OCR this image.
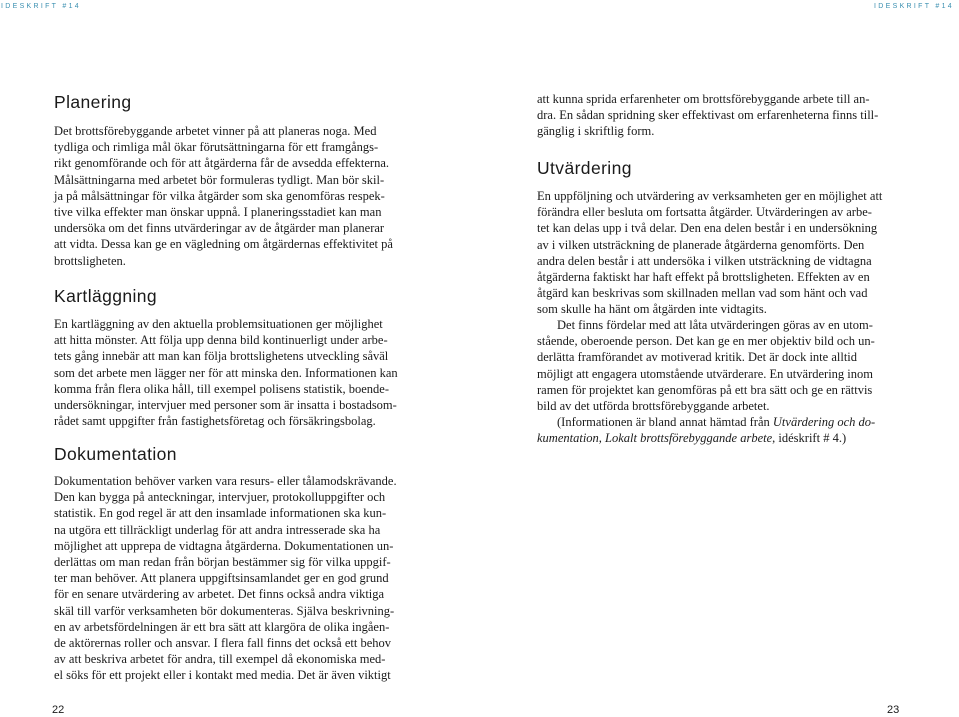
IDESKRIFT #14	IDESKRIFT #14
Planering
Det brottsförebyggande arbetet vinner på att planeras noga. Med
tydliga och rimliga mål ökar förutsättningarna för ett framgångs-
rikt genomförande och för att åtgärderna får de avsedda effekterna.
Målsättningarna med arbetet bör formuleras tydligt. Man bör skil-
ja på målsättningar för vilka åtgärder som ska genomföras respek-
tive vilka effekter man önskar uppnå. I planeringsstadiet kan man
undersöka om det finns utvärderingar av de åtgärder man planerar
att vidta. Dessa kan ge en vägledning om åtgärdernas effektivitet på
brottsligheten.
Kartläggning
En kartläggning av den aktuella problemsituationen ger möjlighet
att hitta mönster. Att följa upp denna bild kontinuerligt under arbe-
tets gång innebär att man kan följa brottslighetens utveckling såväl
som det arbete men lägger ner för att minska den. Informationen kan
komma från flera olika håll, till exempel polisens statistik, boende-
undersökningar, intervjuer med personer som är insatta i bostadsom-
rådet samt uppgifter från fastighetsföretag och försäkringsbolag.
Dokumentation
Dokumentation behöver varken vara resurs- eller tålamodskrävande.
Den kan bygga på anteckningar, intervjuer, protokolluppgifter och
statistik. En god regel är att den insamlade informationen ska kun-
na utgöra ett tillräckligt underlag för att andra intresserade ska ha
möjlighet att upprepa de vidtagna åtgärderna. Dokumentationen un-
derlättas om man redan från början bestämmer sig för vilka uppgif-
ter man behöver. Att planera uppgiftsinsamlandet ger en god grund
för en senare utvärdering av arbetet. Det finns också andra viktiga
skäl till varför verksamheten bör dokumenteras. Själva beskrivning-
en av arbetsfördelningen är ett bra sätt att klargöra de olika ingåen-
de aktörernas roller och ansvar. I flera fall finns det också ett behov
av att beskriva arbetet för andra, till exempel då ekonomiska med-
el söks för ett projekt eller i kontakt med media. Det är även viktigt
22
att kunna sprida erfarenheter om brottsförebyggande arbete till an-
dra. En sådan spridning sker effektivast om erfarenheterna finns till-
gänglig i skriftlig form.
Utvärdering
En uppföljning och utvärdering av verksamheten ger en möjlighet att
förändra eller besluta om fortsatta åtgärder. Utvärderingen av arbe-
tet kan delas upp i två delar. Den ena delen består i en undersökning
av i vilken utsträckning de planerade åtgärderna genomförts. Den
andra delen består i att undersöka i vilken utsträckning de vidtagna
åtgärderna faktiskt har haft effekt på brottsligheten. Effekten av en
åtgärd kan beskrivas som skillnaden mellan vad som hänt och vad
som skulle ha hänt om åtgärden inte vidtagits.
Det finns fördelar med att låta utvärderingen göras av en utom-
stående, oberoende person. Det kan ge en mer objektiv bild och un-
derlätta framförandet av motiverad kritik. Det är dock inte alltid
möjligt att engagera utomstående utvärderare. En utvärdering inom
ramen för projektet kan genomföras på ett bra sätt och ge en rättvis
bild av det utförda brottsförebyggande arbetet.
(Informationen är bland annat hämtad från Utvärdering och do-
kumentation, Lokalt brottsförebyggande arbete, idéskrift # 4.)
23
